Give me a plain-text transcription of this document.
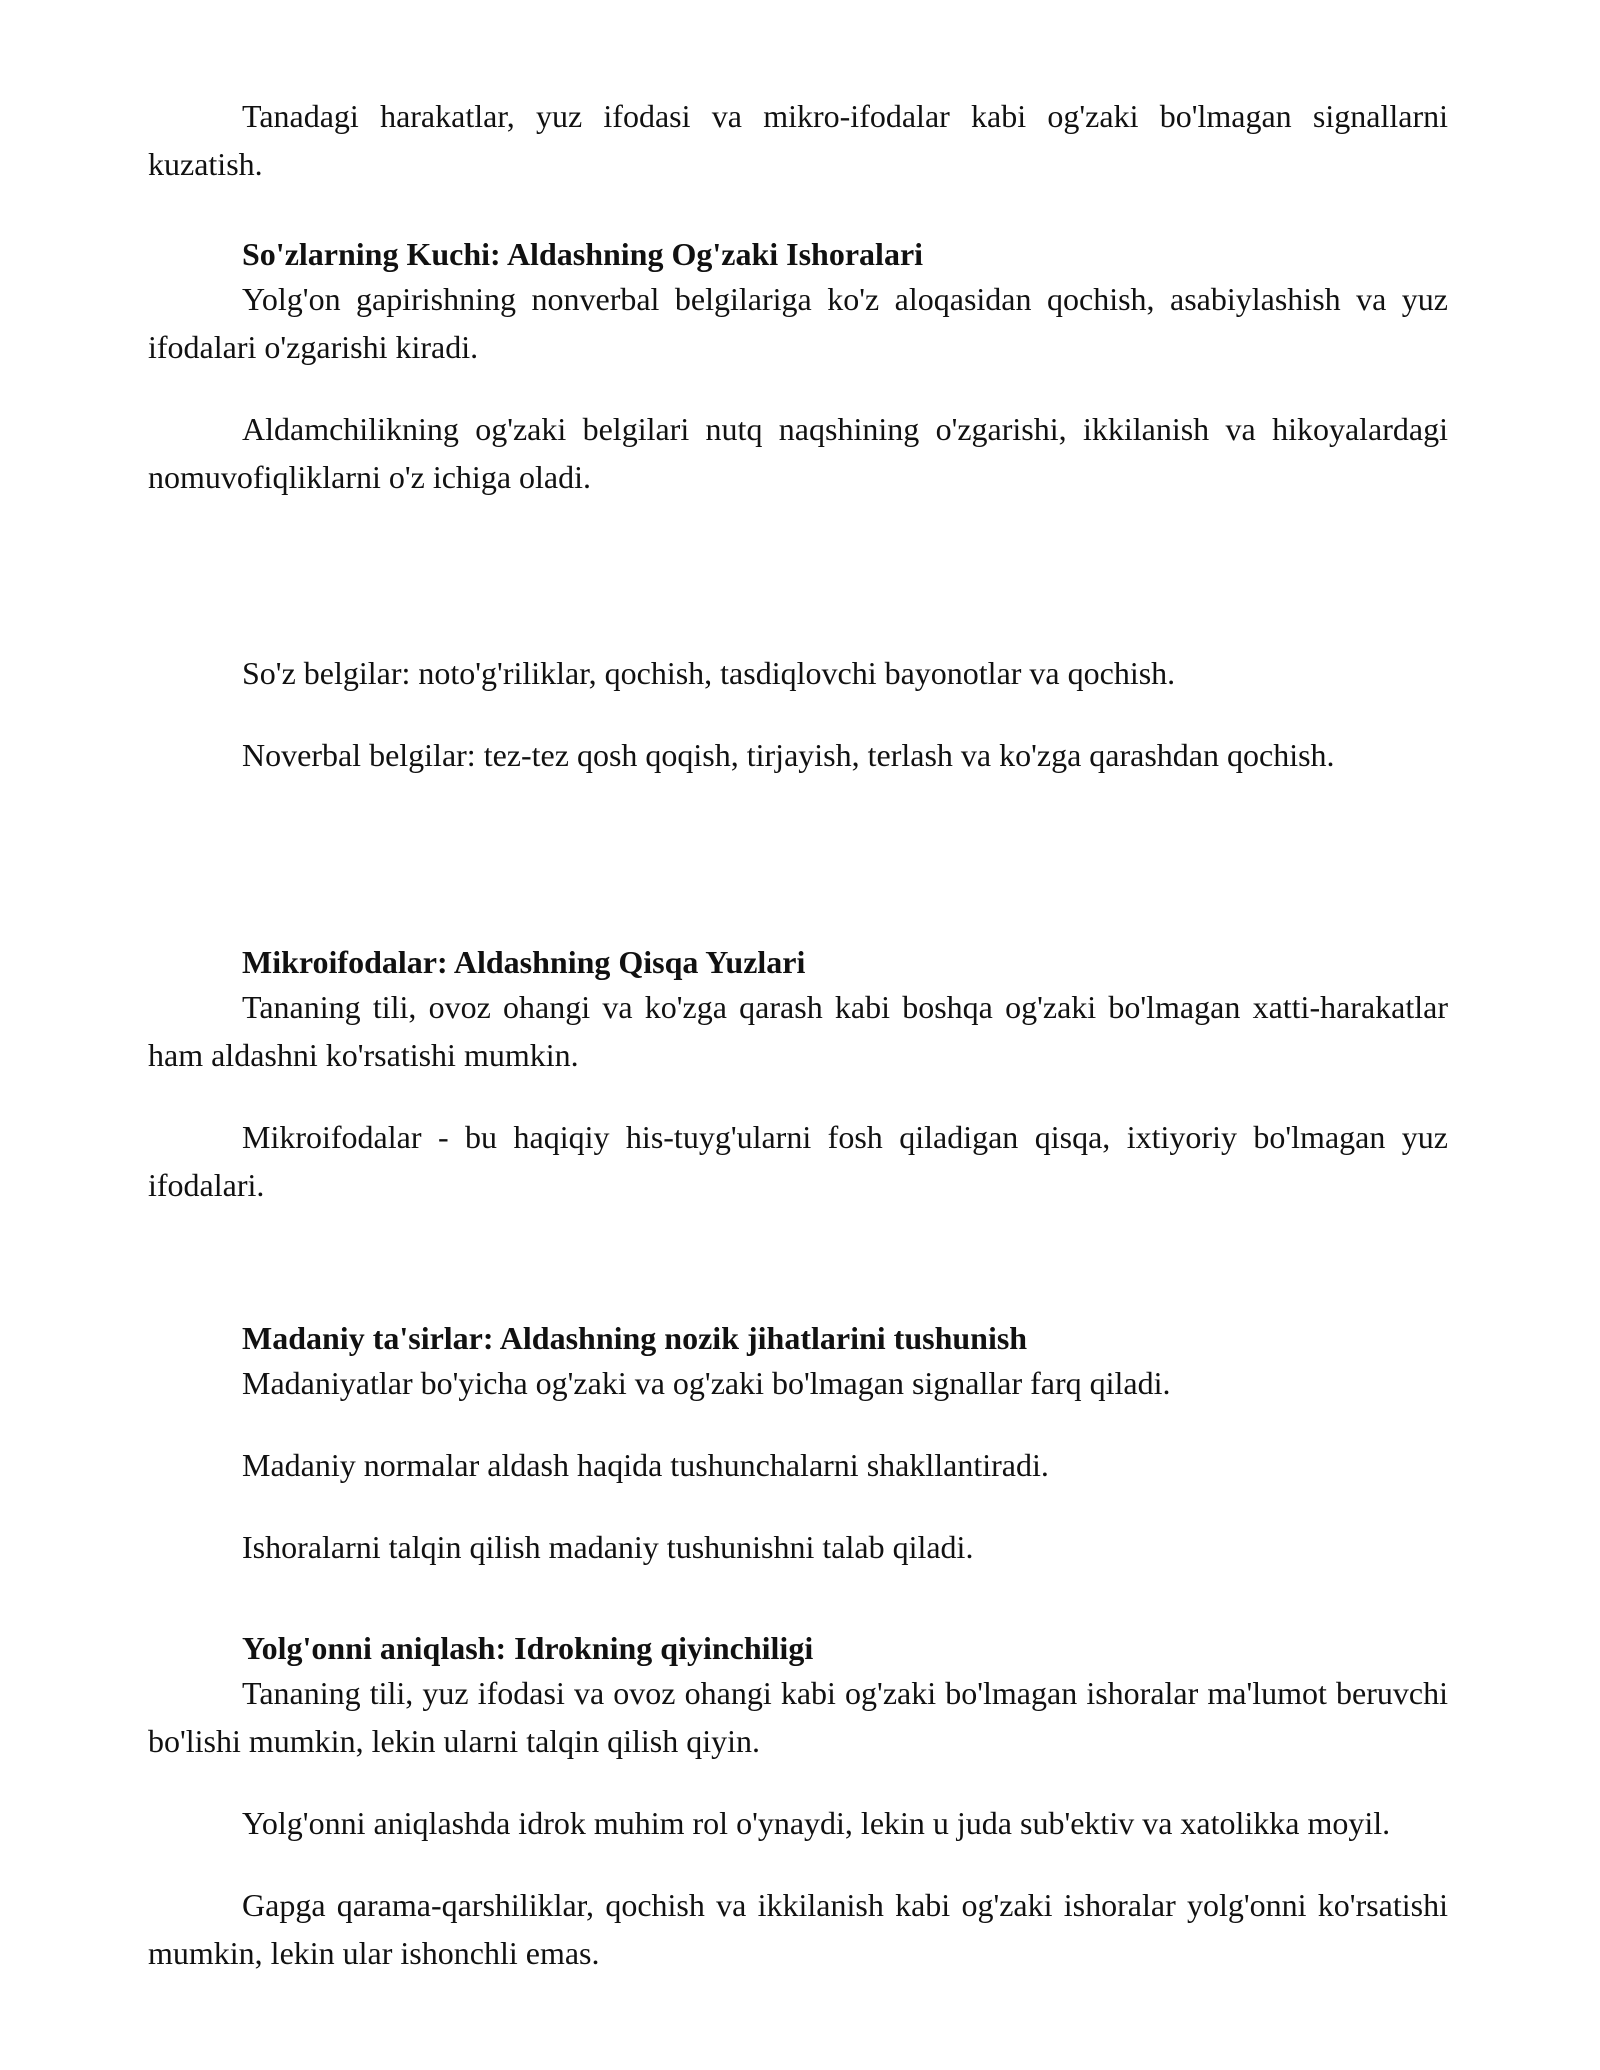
Tanadagi harakatlar, yuz ifodasi va mikro-ifodalar kabi og'zaki bo'lmagan signallarni kuzatish.

So'zlarning Kuchi: Aldashning Og'zaki Ishoralari

Yolg'on gapirishning nonverbal belgilariga ko'z aloqasidan qochish, asabiylashish va yuz ifodalari o'zgarishi kiradi.

Aldamchilikning og'zaki belgilari nutq naqshining o'zgarishi, ikkilanish va hikoyalardagi nomuvofiqliklarni o'z ichiga oladi.

So'z belgilar: noto'g'riliklar, qochish, tasdiqlovchi bayonotlar va qochish.

Noverbal belgilar: tez-tez qosh qoqish, tirjayish, terlash va ko'zga qarashdan qochish.

Mikroifodalar: Aldashning Qisqa Yuzlari

Tananing tili, ovoz ohangi va ko'zga qarash kabi boshqa og'zaki bo'lmagan xatti-harakatlar ham aldashni ko'rsatishi mumkin.

Mikroifodalar - bu haqiqiy his-tuyg'ularni fosh qiladigan qisqa, ixtiyoriy bo'lmagan yuz ifodalari.

Madaniy ta'sirlar: Aldashning nozik jihatlarini tushunish

Madaniyatlar bo'yicha og'zaki va og'zaki bo'lmagan signallar farq qiladi.

Madaniy normalar aldash haqida tushunchalarni shakllantiradi.

Ishoralarni talqin qilish madaniy tushunishni talab qiladi.

Yolg'onni aniqlash: Idrokning qiyinchiligi

Tananing tili, yuz ifodasi va ovoz ohangi kabi og'zaki bo'lmagan ishoralar ma'lumot beruvchi bo'lishi mumkin, lekin ularni talqin qilish qiyin.

Yolg'onni aniqlashda idrok muhim rol o'ynaydi, lekin u juda sub'ektiv va xatolikka moyil.

Gapga qarama-qarshiliklar, qochish va ikkilanish kabi og'zaki ishoralar yolg'onni ko'rsatishi mumkin, lekin ular ishonchli emas.
